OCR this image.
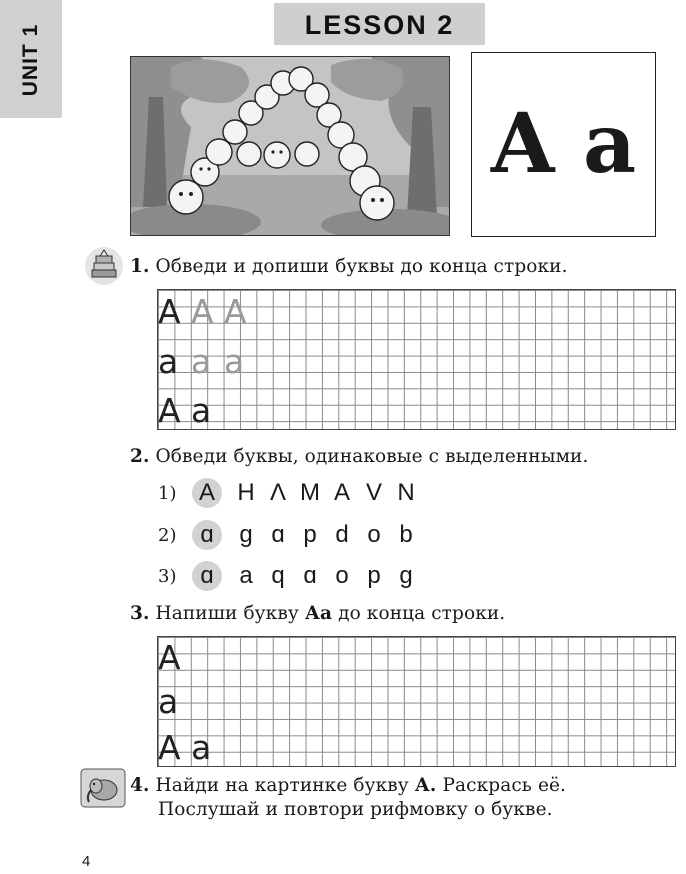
UNIT 1	LESSON 2
A a
1. Обведи и допиши буквы до конца строки.
A A A
a a a
A a
2. Обведи буквы, одинаковые с выделенными.
1) A H Λ M A V N
2) ɑ g ɑ p d o b
3) ɑ a q ɑ o p g
3. Напиши букву Аа до конца строки.
A
a
A a
4. Найди на картинке букву А. Раскрась её.
Послушай и повтори рифмовку о букве.
4
